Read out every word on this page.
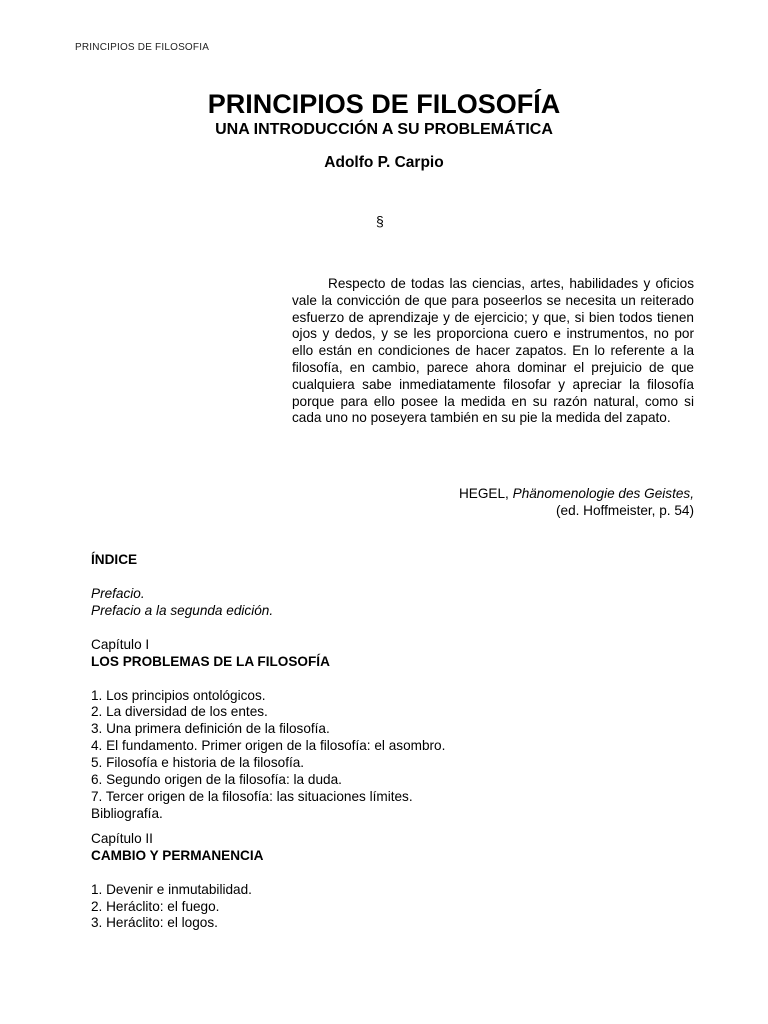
PRINCIPIOS DE FILOSOFIA
PRINCIPIOS DE FILOSOFÍA
UNA INTRODUCCIÓN A SU PROBLEMÁTICA
Adolfo P. Carpio
§

Respecto de todas las ciencias, artes, habilidades y oficios vale la convicción de que para poseerlos se necesita un reiterado esfuerzo de aprendizaje y de ejercicio; y que, si bien todos tienen ojos y dedos, y se les proporciona cuero e instrumentos, no por ello están en condiciones de hacer zapatos. En lo referente a la filosofía, en cambio, parece ahora dominar el prejuicio de que cualquiera sabe inmediatamente filosofar y apreciar la filosofía porque para ello posee la medida en su razón natural, como si cada uno no poseyera también en su pie la medida del zapato.

HEGEL, Phänomenologie des Geistes,
(ed. Hoffmeister, p. 54)
ÍNDICE
Prefacio.
Prefacio a la segunda edición.
Capítulo I
LOS PROBLEMAS DE LA FILOSOFÍA
1. Los principios ontológicos.
2. La diversidad de los entes.
3. Una primera definición de la filosofía.
4. El fundamento. Primer origen de la filosofía: el asombro.
5. Filosofía e historia de la filosofía.
6. Segundo origen de la filosofía: la duda.
7. Tercer origen de la filosofía: las situaciones límites.
Bibliografía.
Capítulo II
CAMBIO Y PERMANENCIA
1. Devenir e inmutabilidad.
2. Heráclito: el fuego.
3. Heráclito: el logos.
